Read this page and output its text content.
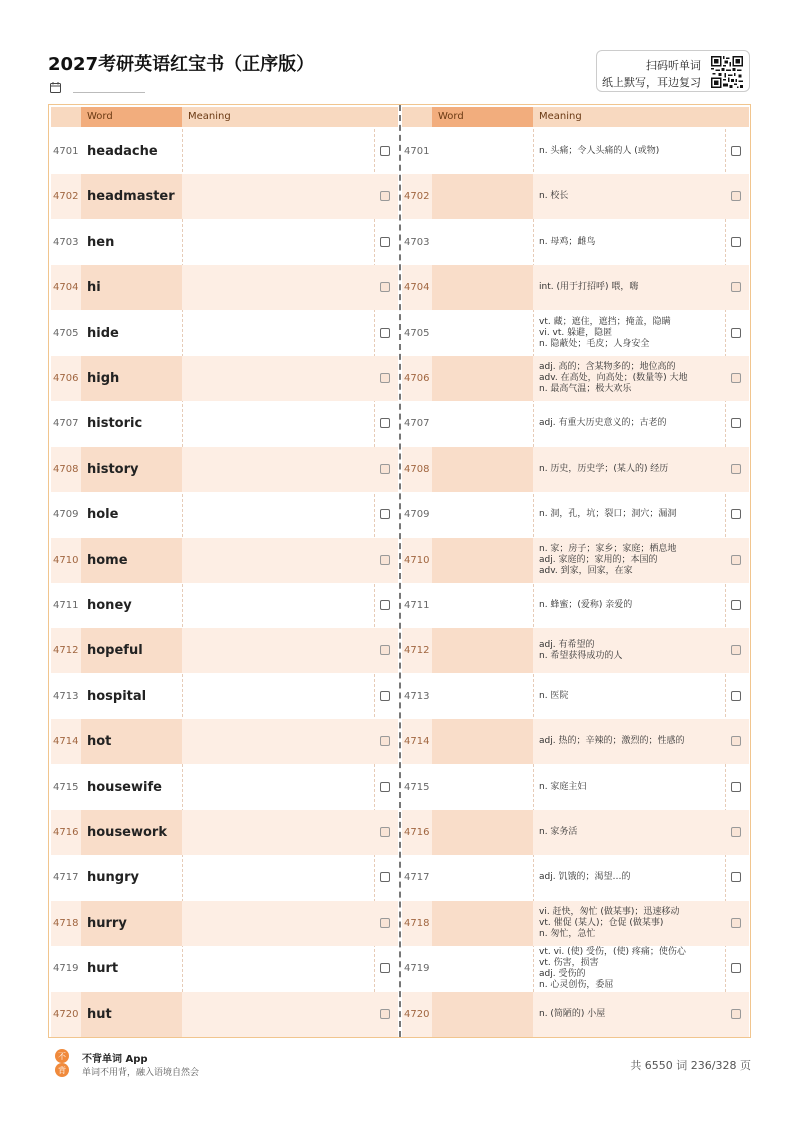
2027考研英语红宝书（正序版）	扫码听单词
纸上默写，耳边复习
Word	Meaning
4701 headache
4702 headmaster
4703 hen
4704 hi
4705 hide
4706 high
4707 historic
4708 history
4709 hole
4710 home
4711 honey
4712 hopeful
4713 hospital
4714 hot
4715 housewife
4716 housework
4717 hungry
4718 hurry
4719 hurt
4720 hut
Word	Meaning
4701	n. 头痛；令人头痛的人 (或物)
4702	n. 校长
4703	n. 母鸡；雌鸟
4704	int. (用于打招呼) 喂，嗨
4705
vt. 藏；遮住，遮挡；掩盖，隐瞒
vi. vt. 躲避，隐匿
n. 隐蔽处；毛皮；人身安全
4706
adj. 高的；含某物多的；地位高的
adv. 在高处，向高处；(数量等) 大地
n. 最高气温；极大欢乐
4707	adj. 有重大历史意义的；古老的
4708	n. 历史，历史学；(某人的) 经历
4709	n. 洞，孔，坑；裂口；洞穴；漏洞
4710
n. 家；房子；家乡；家庭；栖息地
adj. 家庭的；家用的；本国的
adv. 到家，回家，在家
4711	n. 蜂蜜；(爱称) 亲爱的
4712
adj. 有希望的
n. 希望获得成功的人
4713	n. 医院
4714	adj. 热的；辛辣的；激烈的；性感的
4715	n. 家庭主妇
4716	n. 家务活
4717	adj. 饥饿的；渴望…的
4718
vi. 赶快，匆忙 (做某事)；迅速移动
vt. 催促 (某人)；仓促 (做某事)
n. 匆忙，急忙
4719
vt. vi. (使) 受伤，(使) 疼痛；使伤心
vt. 伤害，损害
adj. 受伤的
n. 心灵创伤，委屈
4720	n. (简陋的) 小屋
不
背
不背单词 App
单词不用背，融入语境自然会
共 6550 词 236/328 页
